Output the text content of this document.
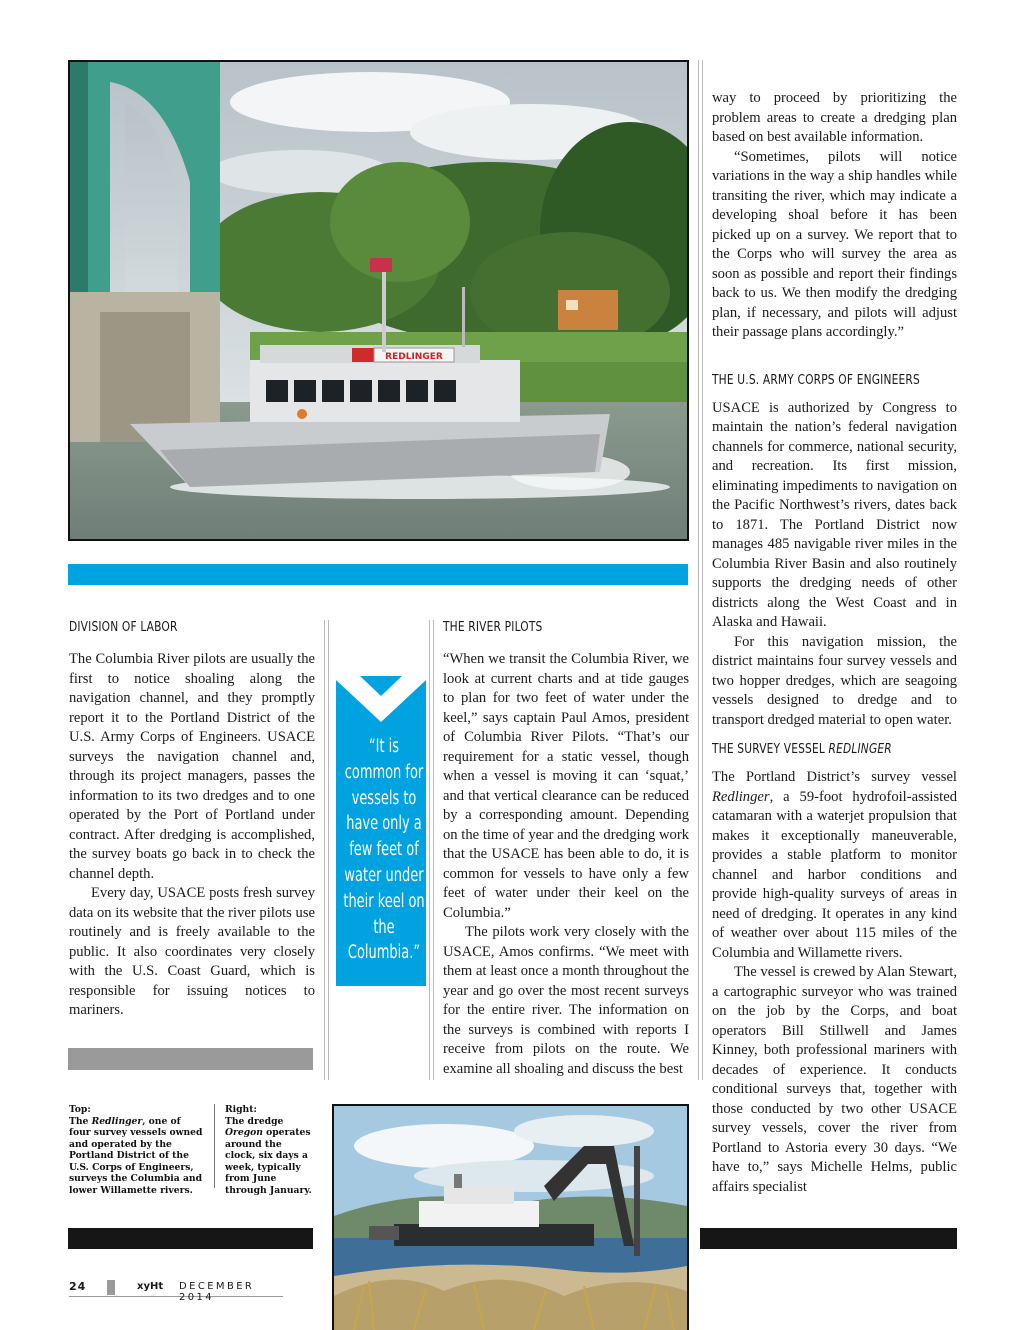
REDLINGER
DIVISION OF LABOR

The Columbia River pilots are usually the first to notice shoaling along the navigation channel, and they promptly report it to the Portland District of the U.S. Army Corps of Engineers. USACE surveys the navigation channel and, through its project managers, passes the information to its two dredges and to one operated by the Port of Portland under contract. After dredging is accomplished, the survey boats go back in to check the channel depth.

Every day, USACE posts fresh survey data on its website that the river pilots use routinely and is freely available to the public. It also coordinates very closely with the U.S. Coast Guard, which is responsible for issuing notices to mariners.

“It is common for vessels to have only a few feet of water under their keel on the Columbia.”
THE RIVER PILOTS

“When we transit the Columbia River, we look at current charts and at tide gauges to plan for two feet of water under the keel,” says captain Paul Amos, president of Columbia River Pilots. “That’s our requirement for a static vessel, though when a vessel is moving it can ‘squat,’ and that vertical clearance can be reduced by a corresponding amount. Depending on the time of year and the dredging work that the USACE has been able to do, it is common for vessels to have only a few feet of water under their keel on the Columbia.”

The pilots work very closely with the USACE, Amos confirms. “We meet with them at least once a month throughout the year and go over the most recent surveys for the entire river. The information on the surveys is combined with reports I receive from pilots on the route. We examine all shoaling and discuss the best

way to proceed by prioritizing the problem areas to create a dredging plan based on best available information.

“Sometimes, pilots will notice variations in the way a ship handles while transiting the river, which may indicate a developing shoal before it has been picked up on a survey. We report that to the Corps who will survey the area as soon as possible and report their findings back to us. We then modify the dredging plan, if necessary, and pilots will adjust their passage plans accordingly.”

THE U.S. ARMY CORPS OF ENGINEERS

USACE is authorized by Congress to maintain the nation’s federal navigation channels for commerce, national security, and recreation. Its first mission, eliminating impediments to navigation on the Pacific Northwest’s rivers, dates back to 1871. The Portland District now manages 485 navigable river miles in the Columbia River Basin and also routinely supports the dredging needs of other districts along the West Coast and in Alaska and Hawaii.

For this navigation mission, the district maintains four survey vessels and two hopper dredges, which are seagoing vessels designed to dredge and to transport dredged material to open water.

THE SURVEY VESSEL REDLINGER

The Portland District’s survey vessel Redlinger, a 59-foot hydrofoil-assisted catamaran with a waterjet propulsion that makes it exceptionally maneuverable, provides a stable platform to monitor channel and harbor conditions and provide high-quality surveys of areas in need of dredging. It operates in any kind of weather over about 115 miles of the Columbia and Willamette rivers.

The vessel is crewed by Alan Stewart, a cartographic surveyor who was trained on the job by the Corps, and boat operators Bill Stillwell and James Kinney, both professional mariners with decades of experience. It conducts conditional surveys that, together with those conducted by two other USACE survey vessels, cover the river from Portland to Astoria every 30 days. “We have to,” says Michelle Helms, public affairs specialist

Top:
The Redlinger, one of four survey vessels owned and operated by the Portland District of the U.S. Corps of Engineers, surveys the Columbia and lower Willamette rivers.
Right:
The dredge Oregon operates around the clock, six days a week, typically from June through January.
24	xyHt DECEMBER 2014
